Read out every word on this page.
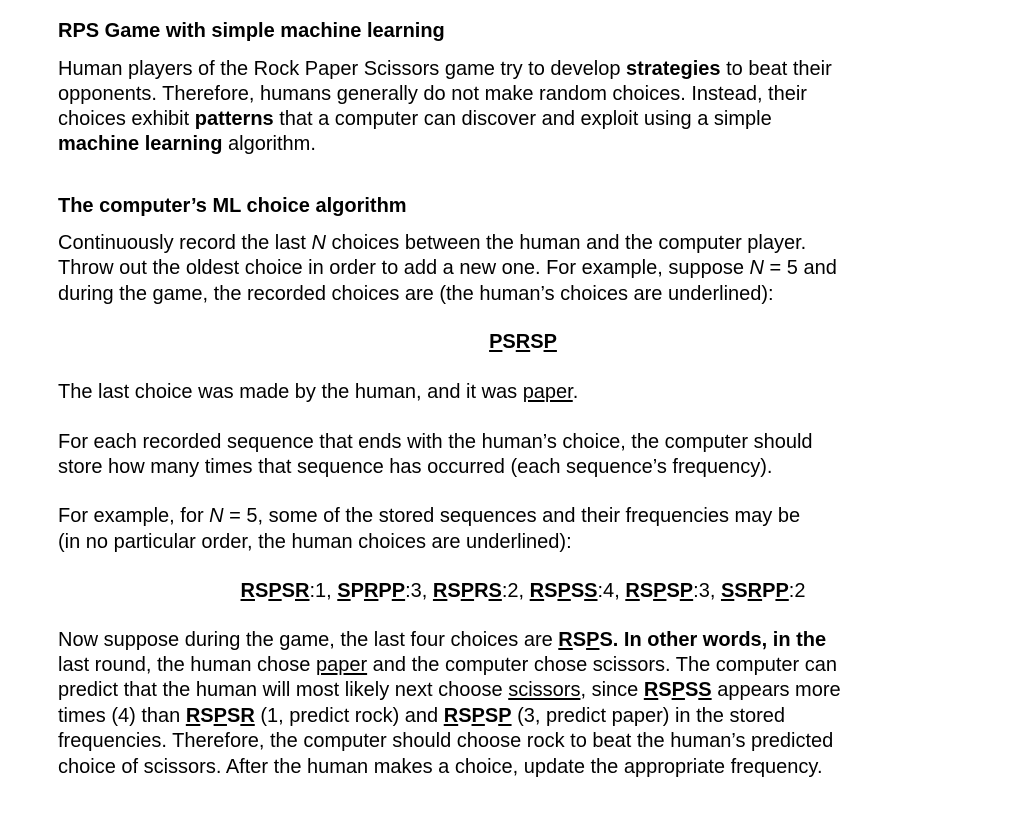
RPS Game with simple machine learning
Human players of the Rock Paper Scissors game try to develop strategies to beat their
opponents. Therefore, humans generally do not make random choices. Instead, their
choices exhibit patterns that a computer can discover and exploit using a simple
machine learning algorithm.
The computer’s ML choice algorithm
Continuously record the last N choices between the human and the computer player.
Throw out the oldest choice in order to add a new one. For example, suppose N = 5 and
during the game, the recorded choices are (the human’s choices are underlined):
PSRSP
The last choice was made by the human, and it was paper.
For each recorded sequence that ends with the human’s choice, the computer should
store how many times that sequence has occurred (each sequence’s frequency).
For example, for N = 5, some of the stored sequences and their frequencies may be
(in no particular order, the human choices are underlined):
RSPSR:1, SPRPP:3, RSPRS:2, RSPSS:4, RSPSP:3, SSRPP:2
Now suppose during the game, the last four choices are RSPS. In other words, in the
last round, the human chose paper and the computer chose scissors. The computer can
predict that the human will most likely next choose scissors, since RSPSS appears more
times (4) than RSPSR (1, predict rock) and RSPSP (3, predict paper) in the stored
frequencies. Therefore, the computer should choose rock to beat the human’s predicted
choice of scissors. After the human makes a choice, update the appropriate frequency.
